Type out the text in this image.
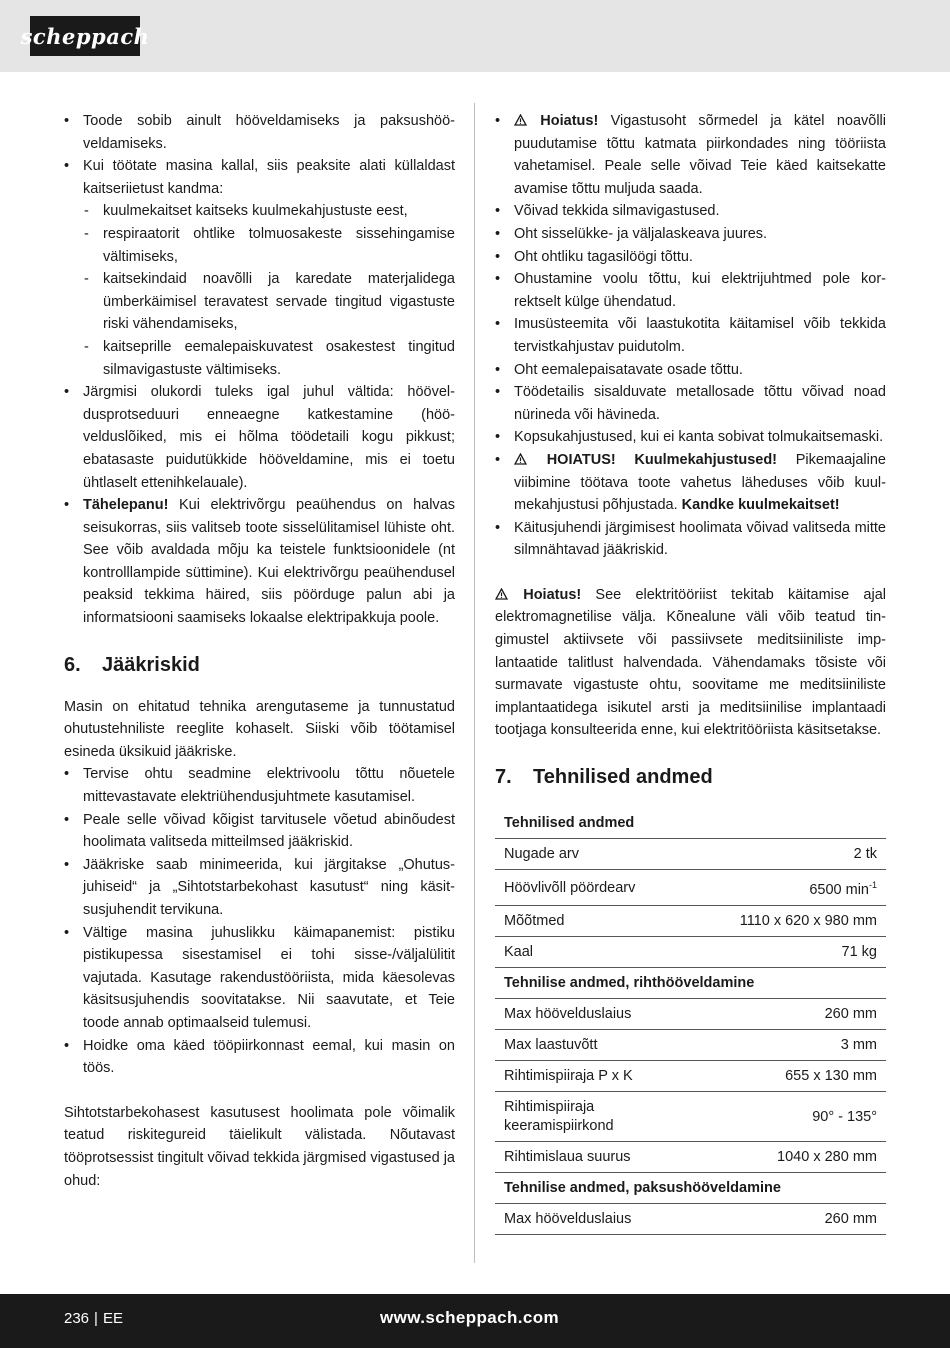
scheppach
• Toode sobib ainult hööveldamiseks ja paksushööveldamiseks.
• Kui töötate masina kallal, siis peaksite alati küllaldast kaitseriietust kandma:
- kuulmekaitset kaitseks kuulmekahjustuste eest,
- respiraatorit ohtlike tolmuosakeste sissehingamise vältimiseks,
- kaitsekindaid noavõlli ja karedate materjalidega ümberkäimisel teravatest servade tingitud vigastuste riski vähendamiseks,
- kaitseprille eemalepaiskuvatest osakestest tingitud silmavigastuste vältimiseks.
• Järgmisi olukordi tuleks igal juhul vältida: hööveldusprotseduuri enneaegne katkestamine (höövelduslõiked, mis ei hõlma töödetaili kogu pikkust; ebatasaste puidutükkide hööveldamine, mis ei toetu ühtlaselt ettenihkelauale).
• Tähelepanu! Kui elektrivõrgu peaühendus on halvas seisukorras, siis valitseb toote sisselülitamisel lühiste oht. See võib avaldada mõju ka teistele funktsioonidele (nt kontrolllampide süttimine). Kui elektrivõrgu peaühendusel peaksid tekkima häired, siis pöörduge palun abi ja informatsiooni saamiseks lokaalse elektripakkuja poole.
6. Jääkriskid
Masin on ehitatud tehnika arengutaseme ja tunnustatud ohutustehniliste reeglite kohaselt. Siiski võib töötamisel esineda üksikuid jääkriske.
• Tervise ohtu seadmine elektrivoolu tõttu nõuetele mittevastavate elektriühendusjuhtmete kasutamisel.
• Peale selle võivad kõigist tarvitusele võetud abinõudest hoolimata valitseda mitteilmsed jääkriskid.
• Jääkriske saab minimeerida, kui järgitakse „Ohutusjuhiseid“ ja „Sihtotstarbekohast kasutust“ ning käsitsusjuhendit tervikuna.
• Vältige masina juhuslikku käimapanemist: pistiku pistikupessa sisestamisel ei tohi sisse-/väljalülitit vajutada. Kasutage rakendustööriista, mida käesolevas käsitsusjuhendis soovitatakse. Nii saavutate, et Teie toode annab optimaalseid tulemusi.
• Hoidke oma käed tööpiirkonnast eemal, kui masin on töös.
Sihtotstarbekohasest kasutusest hoolimata pole võimalik teatud riskitegureid täielikult välistada. Nõutavast tööprotsessist tingitult võivad tekkida järgmised vigastused ja ohud:
• Hoiatus! Vigastusoht sõrmedel ja kätel noavõlli puudutamise tõttu katmata piirkondades ning tööriista vahetamisel. Peale selle võivad Teie käed kaitsekatte avamise tõttu muljuda saada.
• Võivad tekkida silmavigastused.
• Oht sisselükke- ja väljalaskeava juures.
• Oht ohtliku tagasilöögi tõttu.
• Ohustamine voolu tõttu, kui elektrijuhtmed pole korrektselt külge ühendatud.
• Imusüsteemita või laastukotita käitamisel võib tekkida tervistkahjustav puidutolm.
• Oht eemalepaisatavate osade tõttu.
• Töödetailis sisalduvate metallosade tõttu võivad noad nürineda või hävineda.
• Kopsukahjustused, kui ei kanta sobivat tolmukaitsemaski.
• HOIATUS! Kuulmekahjustused! Pikemaajaline viibimine töötava toote vahetus läheduses võib kuulmekahjustusi põhjustada. Kandke kuulmekaitset!
• Käitusjuhendi järgimisest hoolimata võivad valitseda mitte silmnähtavad jääkriskid.
Hoiatus! See elektritööriist tekitab käitamise ajal elektromagnetilise välja. Kõnealune väli võib teatud tingimustel aktiivsete või passiivsete meditsiiniliste implantaatide talitlust halvendada. Vähendamaks tõsiste või surmavate vigastuste ohtu, soovitame me meditsiiniliste implantaatidega isikutel arsti ja meditsiinilise implantaadi tootjaga konsulteerida enne, kui elektritööriista käsitsetakse.
7. Tehnilised andmed
Tehnilised andmed	
Nugade arv	2 tk
Höövlivõll pöördearv	6500 $\min^{-1}$
Mõõtmed	1110 x 620 x 980 mm
Kaal	71 kg
Tehnilise andmed, rihthööveldamine	
Max höövelduslaius	260 mm
Max laastuvõtt	3 mm
Rihtimispiiraja P x K	655 x 130 mm
Rihtimispiiraja keeramispiirkond	90° - 135°
Rihtimislaua suurus	1040 x 280 mm
Tehnilise andmed, paksushööveldamine	
Max höövelduslaius	260 mm
236 | EE	www.scheppach.com
